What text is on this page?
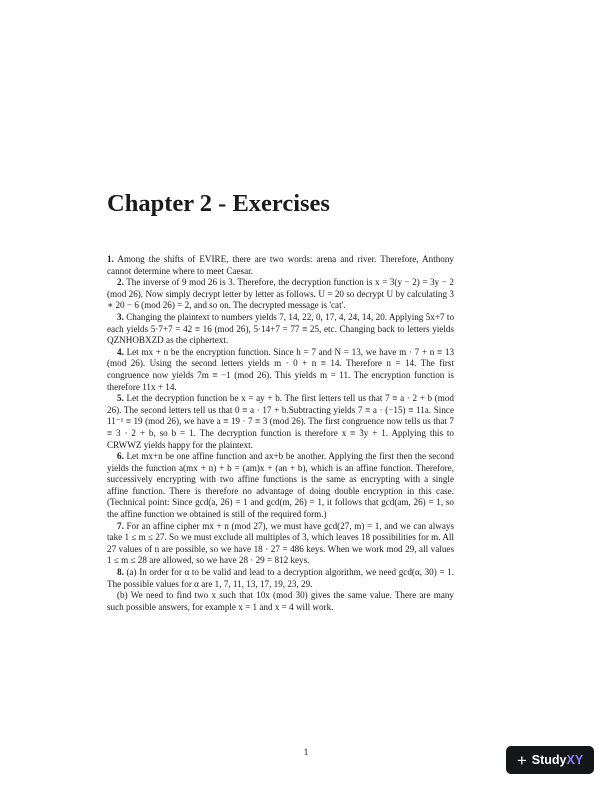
Chapter 2 - Exercises

1. Among the shifts of EVIRE, there are two words: arena and river. Therefore, Anthony cannot determine where to meet Caesar.

2. The inverse of 9 mod 26 is 3. Therefore, the decryption function is x = 3(y − 2) = 3y − 2 (mod 26). Now simply decrypt letter by letter as follows. U = 20 so decrypt U by calculating 3 ∗ 20 − 6 (mod 26) = 2, and so on. The decrypted message is 'cat'.

3. Changing the plaintext to numbers yields 7, 14, 22, 0, 17, 4, 24, 14, 20. Applying 5x+7 to each yields 5·7+7 = 42 ≡ 16 (mod 26), 5·14+7 = 77 ≡ 25, etc. Changing back to letters yields QZNHOBXZD as the ciphertext.

4. Let mx + n be the encryption function. Since h = 7 and N = 13, we have m · 7 + n ≡ 13 (mod 26). Using the second letters yields m · 0 + n ≡ 14. Therefore n = 14. The first congruence now yields 7m ≡ −1 (mod 26). This yields m = 11. The encryption function is therefore 11x + 14.

5. Let the decryption function be x = ay + b. The first letters tell us that 7 ≡ a · 2 + b (mod 26). The second letters tell us that 0 ≡ a · 17 + b.Subtracting yields 7 ≡ a · (−15) ≡ 11a. Since 11⁻¹ ≡ 19 (mod 26), we have a ≡ 19 · 7 ≡ 3 (mod 26). The first congruence now tells us that 7 ≡ 3 · 2 + b, so b = 1. The decryption function is therefore x ≡ 3y + 1. Applying this to CRWWZ yields happy for the plaintext.

6. Let mx+n be one affine function and ax+b be another. Applying the first then the second yields the function a(mx + n) + b = (am)x + (an + b), which is an affine function. Therefore, successively encrypting with two affine functions is the same as encrypting with a single affine function. There is therefore no advantage of doing double encryption in this case. (Technical point: Since gcd(a, 26) = 1 and gcd(m, 26) = 1, it follows that gcd(am, 26) = 1, so the affine function we obtained is still of the required form.)

7. For an affine cipher mx + n (mod 27), we must have gcd(27, m) = 1, and we can always take 1 ≤ m ≤ 27. So we must exclude all multiples of 3, which leaves 18 possibilities for m. All 27 values of n are possible, so we have 18 · 27 = 486 keys. When we work mod 29, all values 1 ≤ m ≤ 28 are allowed, so we have 28 · 29 = 812 keys.

8. (a) In order for α to be valid and lead to a decryption algorithm, we need gcd(α, 30) = 1. The possible values for α are 1, 7, 11, 13, 17, 19, 23, 29.

(b) We need to find two x such that 10x (mod 30) gives the same value. There are many such possible answers, for example x = 1 and x = 4 will work.

1	+ StudyXY
